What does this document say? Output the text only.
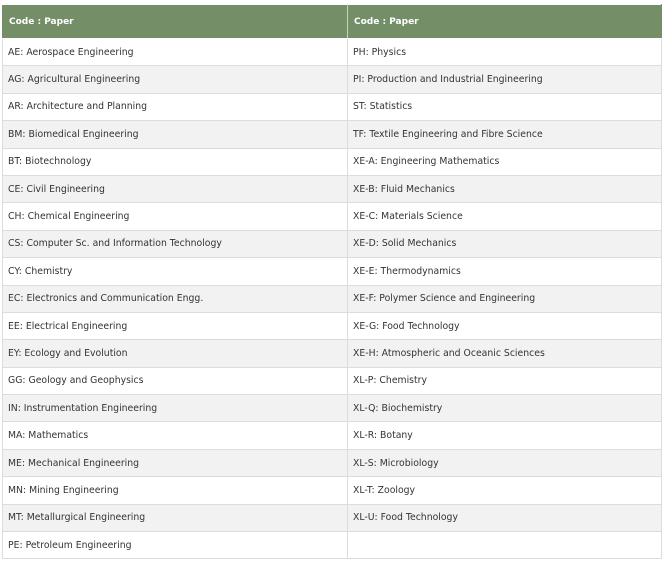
Code : Paper	Code : Paper
AE: Aerospace Engineering	PH: Physics
AG: Agricultural Engineering	PI: Production and Industrial Engineering
AR: Architecture and Planning	ST: Statistics
BM: Biomedical Engineering	TF: Textile Engineering and Fibre Science
BT: Biotechnology	XE-A: Engineering Mathematics
CE: Civil Engineering	XE-B: Fluid Mechanics
CH: Chemical Engineering	XE-C: Materials Science
CS: Computer Sc. and Information Technology	XE-D: Solid Mechanics
CY: Chemistry	XE-E: Thermodynamics
EC: Electronics and Communication Engg.	XE-F: Polymer Science and Engineering
EE: Electrical Engineering	XE-G: Food Technology
EY: Ecology and Evolution	XE-H: Atmospheric and Oceanic Sciences
GG: Geology and Geophysics	XL-P: Chemistry
IN: Instrumentation Engineering	XL-Q: Biochemistry
MA: Mathematics	XL-R: Botany
ME: Mechanical Engineering	XL-S: Microbiology
MN: Mining Engineering	XL-T: Zoology
MT: Metallurgical Engineering	XL-U: Food Technology
PE: Petroleum Engineering	
